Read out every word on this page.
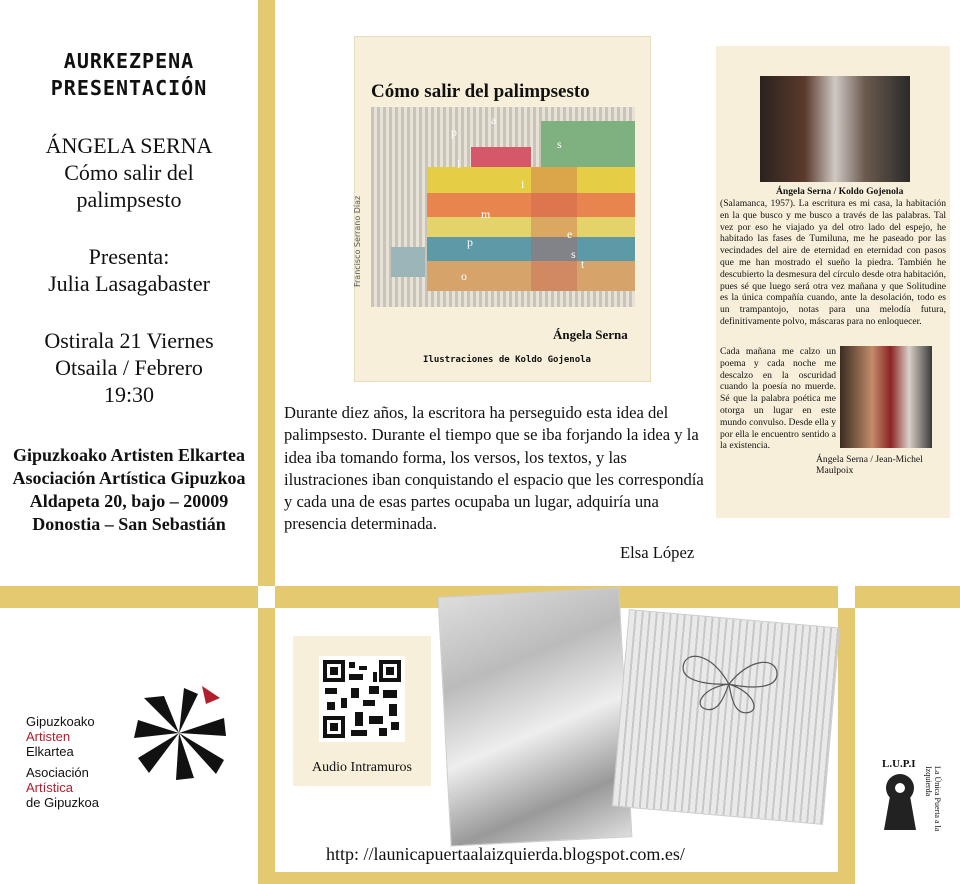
AURKEZPENA
PRESENTACIÓN
ÁNGELA SERNA
Cómo salir del
palimpsesto
Presenta:
Julia Lasagabaster
Ostirala 21 Viernes
Otsaila / Febrero
19:30
Gipuzkoako Artisten Elkartea
Asociación Artística Gipuzkoa
Aldapeta 20, bajo – 20009
Donostia – San Sebastián
Cómo salir del palimpsesto
p
a
l
i
m
p
s
e
s
t
o
Francisco Serrano Díaz
Ángela Serna
Ilustraciones de Koldo Gojenola
Ángela Serna / Koldo Gojenola
(Salamanca, 1957). La escritura es mi casa, la habitación en la que busco y me busco a través de las palabras. Tal vez por eso he viajado ya del otro lado del espejo, he habitado las fases de Tumiluna, me he paseado por las vecindades del aire de eternidad en eternidad con pasos que me han mostrado el sueño la piedra. También he descubierto la desmesura del círculo desde otra habitación, pues sé que luego será otra vez mañana y que Solitudine es la única compañía cuando, ante la desolación, todo es un trampantojo, notas para una melodía futura, definitivamente polvo, máscaras para no enloquecer.
Cada mañana me calzo un poema y cada noche me descalzo en la oscuridad cuando la poesía no muerde. Sé que la palabra poética me otorga un lugar en este mundo convulso. Desde ella y por ella le encuentro sentido a la existencia.
Ángela Serna / Jean-Michel Maulpoix
Durante diez años, la escritora ha perseguido esta idea del palimpsesto. Durante el tiempo que se iba forjando la idea y la idea iba tomando forma, los versos, los textos, y las ilustraciones iban conquistando el espacio que les correspondía y cada una de esas partes ocupaba un lugar, adquiría una presencia determinada.
Elsa López
Gipuzkoako
Artisten
Elkartea
Asociación
Artística
de Gipuzkoa
Audio Intramuros
http: //launicapuertaalaizquierda.blogspot.com.es/
L.U.P.I
La Única Puerta a la Izquierda
